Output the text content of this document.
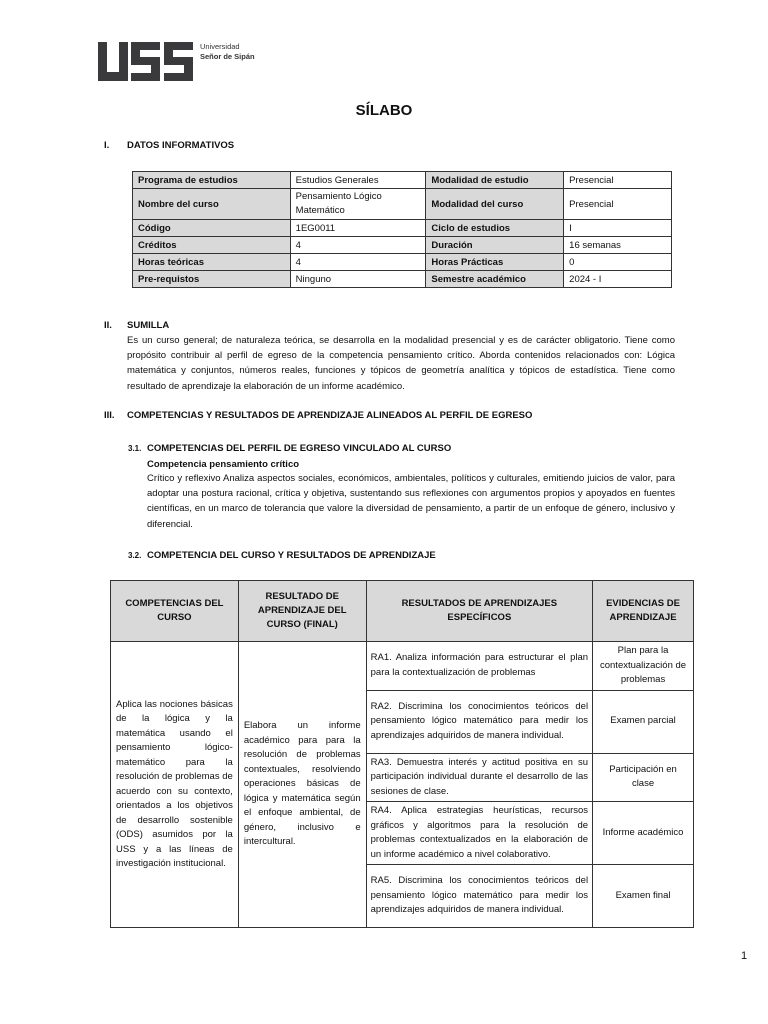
Universidad
Señor de Sipán
SÍLABO
I. DATOS INFORMATIVOS
Programa de estudios	Estudios Generales	Modalidad de estudio	Presencial
Nombre del curso	Pensamiento Lógico Matemático	Modalidad del curso	Presencial
Código	1EG0011	Ciclo de estudios	I
Créditos	4	Duración	16 semanas
Horas teóricas	4	Horas Prácticas	0
Pre-requistos	Ninguno	Semestre académico	2024 - I
II. SUMILLA
Es un curso general; de naturaleza teórica, se desarrolla en la modalidad presencial y es de carácter obligatorio. Tiene como propósito contribuir al perfil de egreso de la competencia pensamiento crítico. Aborda contenidos relacionados con: Lógica matemática y conjuntos, números reales, funciones y tópicos de geometría analítica y tópicos de estadística. Tiene como resultado de aprendizaje la elaboración de un informe académico.
III. COMPETENCIAS Y RESULTADOS DE APRENDIZAJE ALINEADOS AL PERFIL DE EGRESO
3.1. COMPETENCIAS DEL PERFIL DE EGRESO VINCULADO AL CURSO
Competencia pensamiento crítico
Crítico y reflexivo Analiza aspectos sociales, económicos, ambientales, políticos y culturales, emitiendo juicios de valor, para adoptar una postura racional, crítica y objetiva, sustentando sus reflexiones con argumentos propios y apoyados en fuentes científicas, en un marco de tolerancia que valore la diversidad de pensamiento, a partir de un enfoque de género, inclusivo y diferencial.
3.2. COMPETENCIA DEL CURSO Y RESULTADOS DE APRENDIZAJE
COMPETENCIAS DEL CURSO	RESULTADO DE APRENDIZAJE DEL CURSO (FINAL)	RESULTADOS DE APRENDIZAJES ESPECÍFICOS	EVIDENCIAS DE APRENDIZAJE
Aplica las nociones básicas de la lógica y la matemática usando el pensamiento lógico-matemático para la resolución de problemas de acuerdo con su contexto, orientados a los objetivos de desarrollo sostenible (ODS) asumidos por la USS y a las líneas de investigación institucional.	Elabora un informe académico para para la resolución de problemas contextuales, resolviendo operaciones básicas de lógica y matemática según el enfoque ambiental, de género, inclusivo e intercultural.	RA1. Analiza información para estructurar el plan para la contextualización de problemas	Plan para la contextualización de problemas
		RA2. Discrimina los conocimientos teóricos del pensamiento lógico matemático para medir los aprendizajes adquiridos de manera individual.	Examen parcial
		RA3. Demuestra interés y actitud positiva en su participación individual durante el desarrollo de las sesiones de clase.	Participación en clase
		RA4. Aplica estrategias heurísticas, recursos gráficos y algoritmos para la resolución de problemas contextualizados en la elaboración de un informe académico a nivel colaborativo.	Informe académico
		RA5. Discrimina los conocimientos teóricos del pensamiento lógico matemático para medir los aprendizajes adquiridos de manera individual.	Examen final
1
